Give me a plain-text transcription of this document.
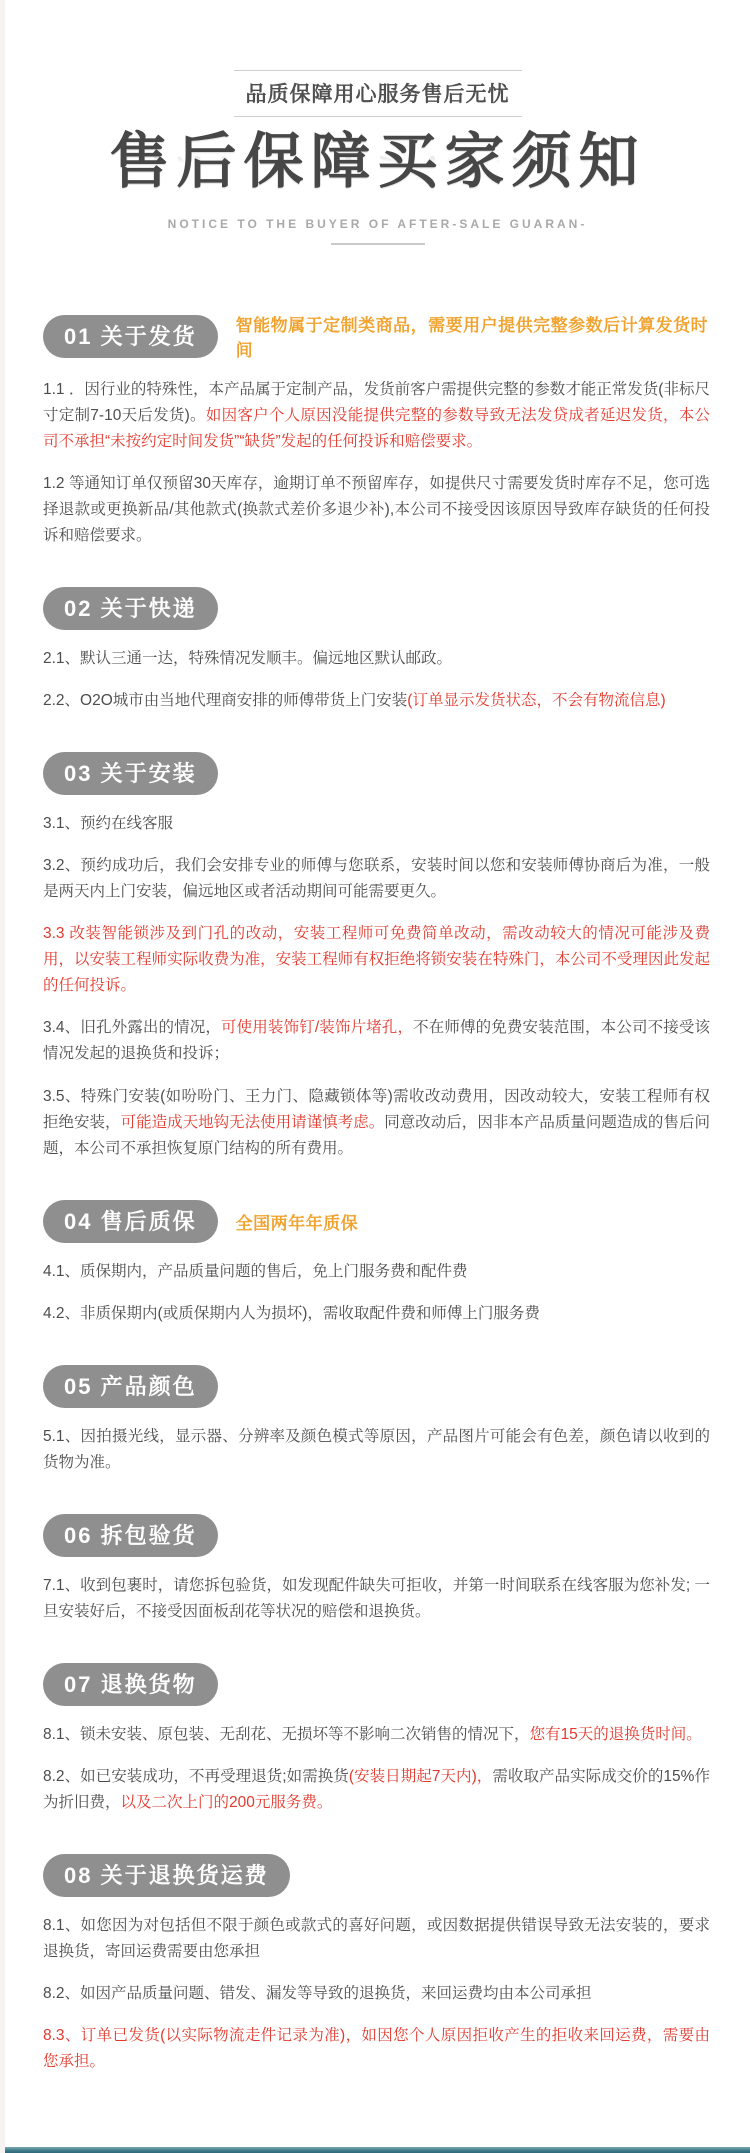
品质保障用心服务售后无忧
售后保障买家须知
NOTICE TO THE BUYER OF AFTER-SALE GUARAN-
01 关于发货	智能物属于定制类商品，需要用户提供完整参数后计算发货时间

1.1 ．因行业的特殊性，本产品属于定制产品，发货前客户需提供完整的参数才能正常发货(非标尺寸定制7-10天后发货)。如因客户个人原因没能提供完整的参数导致无法发贷成者延迟发货，本公司不承担“未按约定时间发货”“缺货”发起的任何投诉和赔偿要求。

1.2 等通知订单仅预留30天库存，逾期订单不预留库存，如提供尺寸需要发货时库存不足，您可选择退款或更换新品/其他款式(换款式差价多退少补),本公司不接受因该原因导致库存缺货的任何投诉和赔偿要求。

02 关于快递

2.1、默认三通一达，特殊情况发顺丰。偏远地区默认邮政。

2.2、O2O城市由当地代理商安排的师傅带货上门安装(订单显示发货状态，不会有物流信息)

03 关于安装

3.1、预约在线客服

3.2、预约成功后，我们会安排专业的师傅与您联系，安装时间以您和安装师傅协商后为准，一般是两天内上门安装，偏远地区或者活动期间可能需要更久。

3.3 改装智能锁涉及到门孔的改动，安装工程师可免费简单改动，需改动较大的情况可能涉及费用，以安装工程师实际收费为准，安装工程师有权拒绝将锁安装在特殊门，本公司不受理因此发起的任何投诉。

3.4、旧孔外露出的情况，可使用装饰钉/装饰片堵孔，不在师傅的免费安装范围，本公司不接受该情况发起的退换货和投诉；

3.5、特殊门安装(如吩吩门、王力门、隐藏锁体等)需收改动费用，因改动较大，安装工程师有权拒绝安装，可能造成天地钩无法使用请谨慎考虑。同意改动后，因非本产品质量问题造成的售后问题，本公司不承担恢复原门结构的所有费用。

04 售后质保	全国两年年质保

4.1、质保期内，产品质量问题的售后，免上门服务费和配件费

4.2、非质保期内(或质保期内人为损坏)，需收取配件费和师傅上门服务费

05 产品颜色

5.1、因拍摄光线，显示器、分辨率及颜色模式等原因，产品图片可能会有色差，颜色请以收到的货物为准。

06 拆包验货

7.1、收到包裹时，请您拆包验货，如发现配件缺失可拒收，并第一时间联系在线客服为您补发; 一旦安装好后，不接受因面板刮花等状况的赔偿和退换货。

07 退换货物

8.1、锁未安装、原包装、无刮花、无损坏等不影响二次销售的情况下，您有15天的退换货时间。

8.2、如已安装成功，不再受理退货;如需换货(安装日期起7天内)，需收取产品实际成交价的15%作为折旧费，以及二次上门的200元服务费。

08 关于退换货运费

8.1、如您因为对包括但不限于颜色或款式的喜好问题，或因数据提供错误导致无法安装的，要求退换货，寄回运费需要由您承担

8.2、如因产品质量问题、错发、漏发等导致的退换货，来回运费均由本公司承担

8.3、订单已发货(以实际物流走件记录为准)，如因您个人原因拒收产生的拒收来回运费，需要由您承担。
